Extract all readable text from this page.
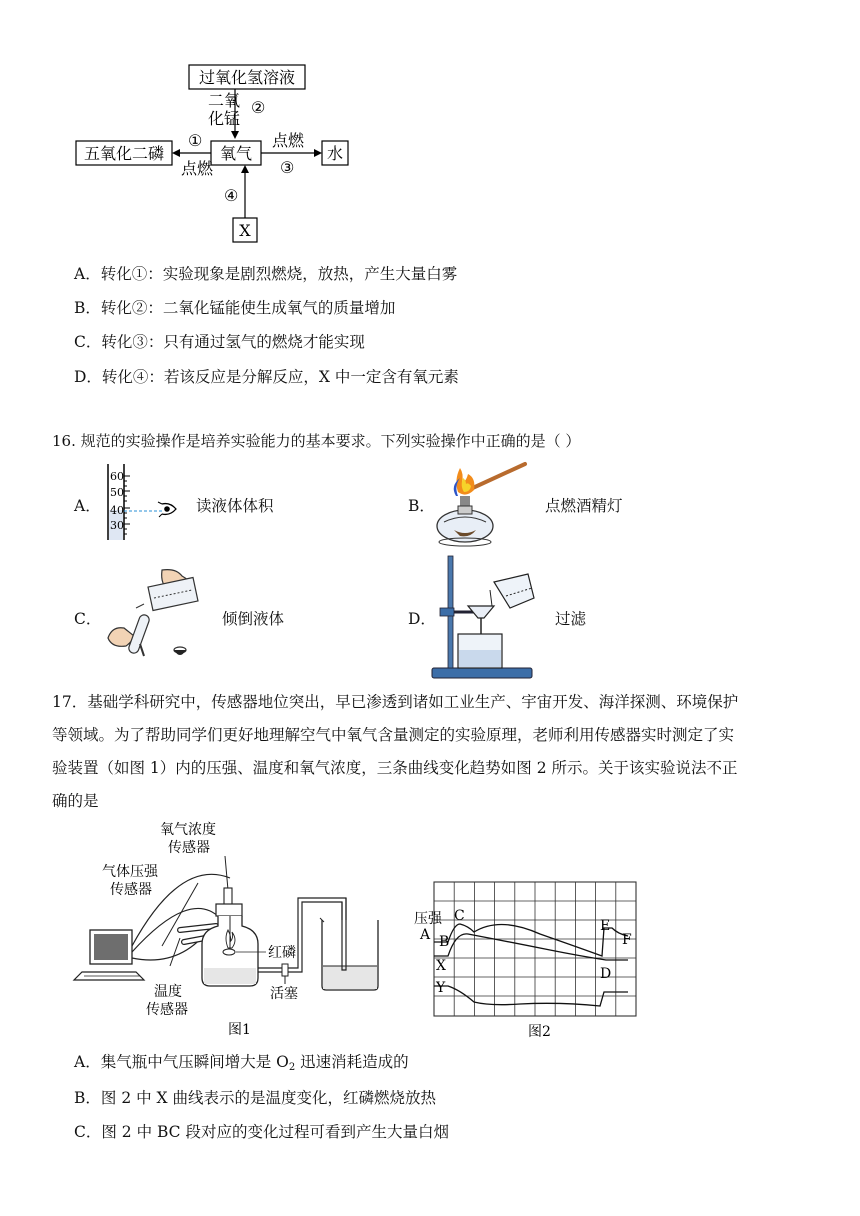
过氧化氢溶液
二氧
化锰
②
氧气
五氧化二磷
①
点燃
水
点燃
③
X
④
A．转化①：实验现象是剧烈燃烧，放热，产生大量白雾
B．转化②：二氧化锰能使生成氧气的质量增加
C．转化③：只有通过氢气的燃烧才能实现
D．转化④：若该反应是分解反应，X 中一定含有氧元素
16. 规范的实验操作是培养实验能力的基本要求。下列实验操作中正确的是（ ）
A．
60
50
40
30
读液体体积	B．	点燃酒精灯
C．	倾倒液体	D．	过滤
17．基础学科研究中，传感器地位突出，早已渗透到诸如工业生产、宇宙开发、海洋探测、环境保护
等领域。为了帮助同学们更好地理解空气中氧气含量测定的实验原理，老师利用传感器实时测定了实
验装置（如图 1）内的压强、温度和氧气浓度，三条曲线变化趋势如图 2 所示。关于该实验说法不正
确的是
氧气浓度
传感器
气体压强
传感器
红磷
活塞
温度
传感器
图1
压强 C
A B
X
Y
E
F
D
图2
A．集气瓶中气压瞬间增大是 $O_2$ 迅速消耗造成的
B．图 2 中 X 曲线表示的是温度变化，红磷燃烧放热
C．图 2 中 BC 段对应的变化过程可看到产生大量白烟
